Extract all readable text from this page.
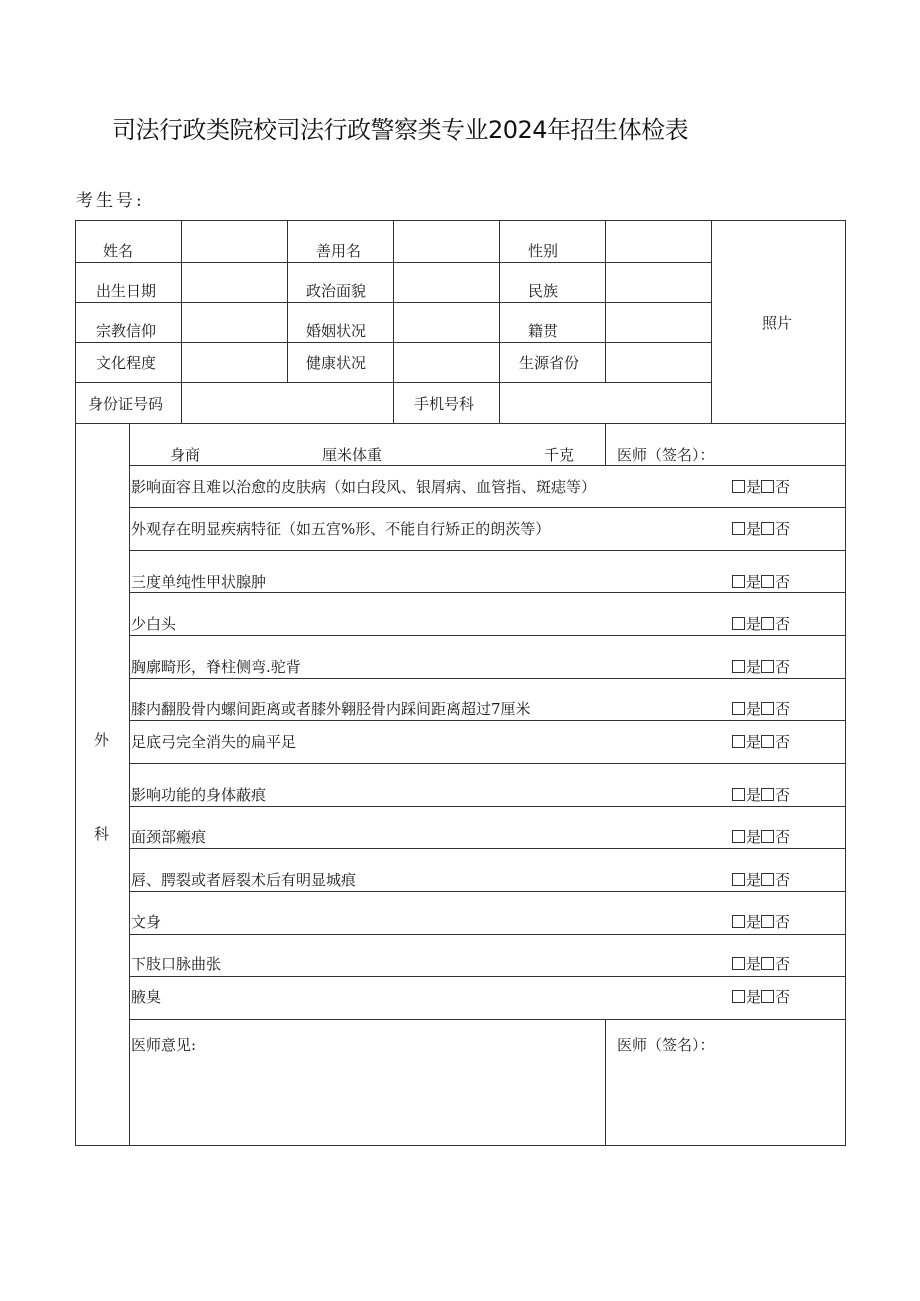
司法行政类院校司法行政警察类专业2024年招生体检表
考生号:
姓名	善用名	性别
出生日期	政治面貌	民族
宗教信仰	婚姻状况	籍贯
文化程度	健康状况	生源省份
身份证号码	手机号科
照片
外
科
身商	厘米体重	千克	医师（签名）：
影响面容且难以治愈的皮肤病（如白段风、银屑病、血管指、斑痣等）	是 否
外观存在明显疾病特征（如五宫%形、不能自行矫正的朗茨等）	是 否
三度单纯性甲状腺肿	是 否
少白头	是 否
胸廓畸形，脊柱侧弯.驼背	是 否
膝内翻股骨内螺间距离或者膝外翱胫骨内踩间距离超过7厘米	是 否
足底弓完全消失的扁平足	是 否
影响功能的身体蔽痕	是 否
面颈部瘢痕	是 否
唇、腭裂或者唇裂术后有明显城痕	是 否
文身	是 否
下肢口脉曲张	是 否
腋臭	是 否
医师意见:	医师（签名）：
